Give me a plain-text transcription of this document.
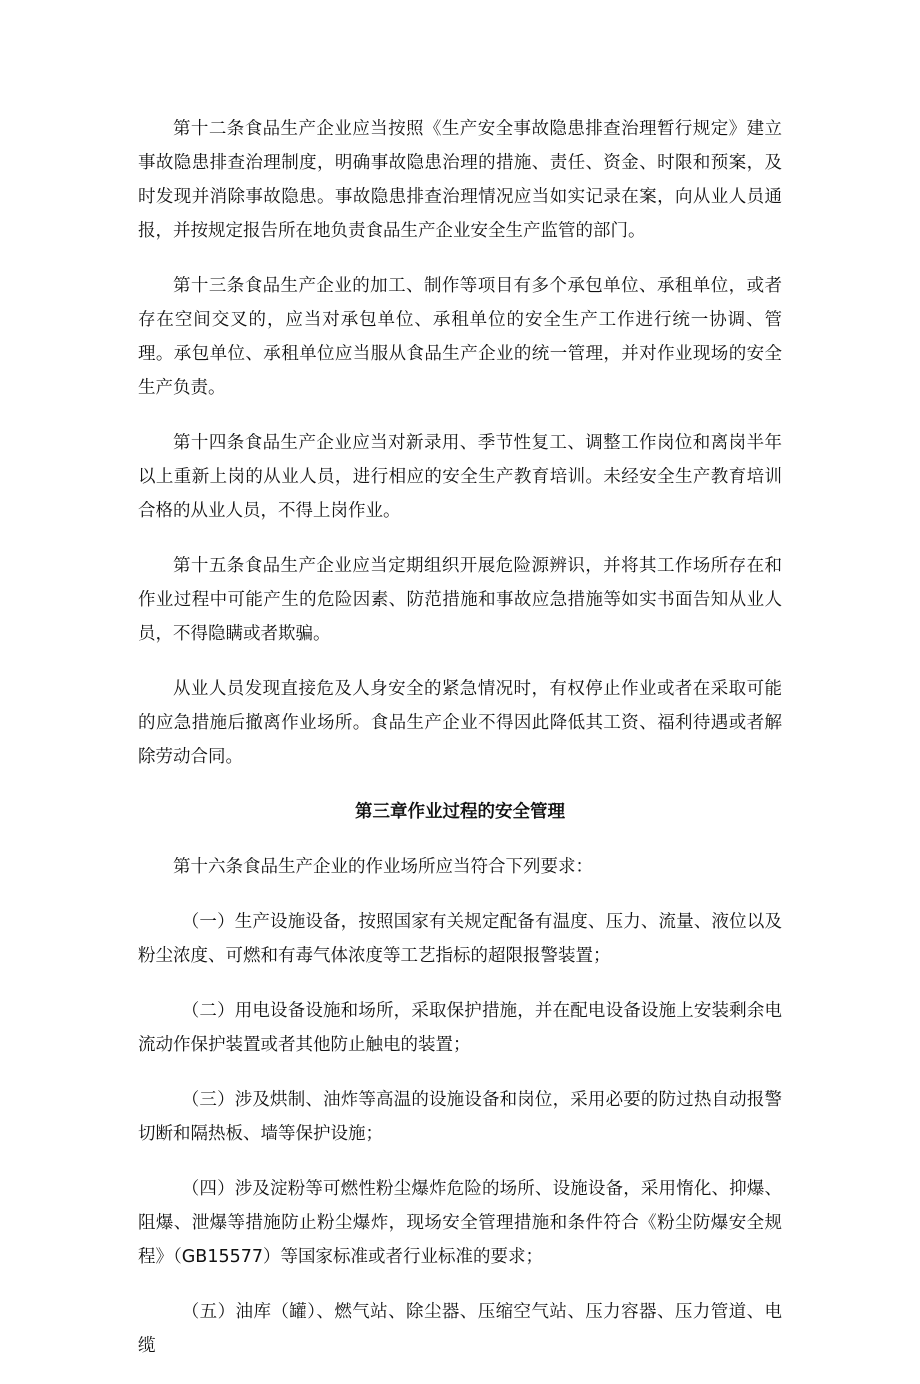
第十二条食品生产企业应当按照《生产安全事故隐患排查治理暂行规定》建立事故隐患排查治理制度，明确事故隐患治理的措施、责任、资金、时限和预案，及时发现并消除事故隐患。事故隐患排查治理情况应当如实记录在案，向从业人员通报，并按规定报告所在地负责食品生产企业安全生产监管的部门。

第十三条食品生产企业的加工、制作等项目有多个承包单位、承租单位，或者存在空间交叉的，应当对承包单位、承租单位的安全生产工作进行统一协调、管理。承包单位、承租单位应当服从食品生产企业的统一管理，并对作业现场的安全生产负责。

第十四条食品生产企业应当对新录用、季节性复工、调整工作岗位和离岗半年以上重新上岗的从业人员，进行相应的安全生产教育培训。未经安全生产教育培训合格的从业人员，不得上岗作业。

第十五条食品生产企业应当定期组织开展危险源辨识，并将其工作场所存在和作业过程中可能产生的危险因素、防范措施和事故应急措施等如实书面告知从业人员，不得隐瞒或者欺骗。

从业人员发现直接危及人身安全的紧急情况时，有权停止作业或者在采取可能的应急措施后撤离作业场所。食品生产企业不得因此降低其工资、福利待遇或者解除劳动合同。

第三章作业过程的安全管理

第十六条食品生产企业的作业场所应当符合下列要求：

（一）生产设施设备，按照国家有关规定配备有温度、压力、流量、液位以及粉尘浓度、可燃和有毒气体浓度等工艺指标的超限报警装置；

（二）用电设备设施和场所，采取保护措施，并在配电设备设施上安装剩余电流动作保护装置或者其他防止触电的装置；

（三）涉及烘制、油炸等高温的设施设备和岗位，采用必要的防过热自动报警切断和隔热板、墙等保护设施；

（四）涉及淀粉等可燃性粉尘爆炸危险的场所、设施设备，采用惰化、抑爆、阻爆、泄爆等措施防止粉尘爆炸，现场安全管理措施和条件符合《粉尘防爆安全规程》（GB15577）等国家标准或者行业标准的要求；

（五）油库（罐）、燃气站、除尘器、压缩空气站、压力容器、压力管道、电缆
